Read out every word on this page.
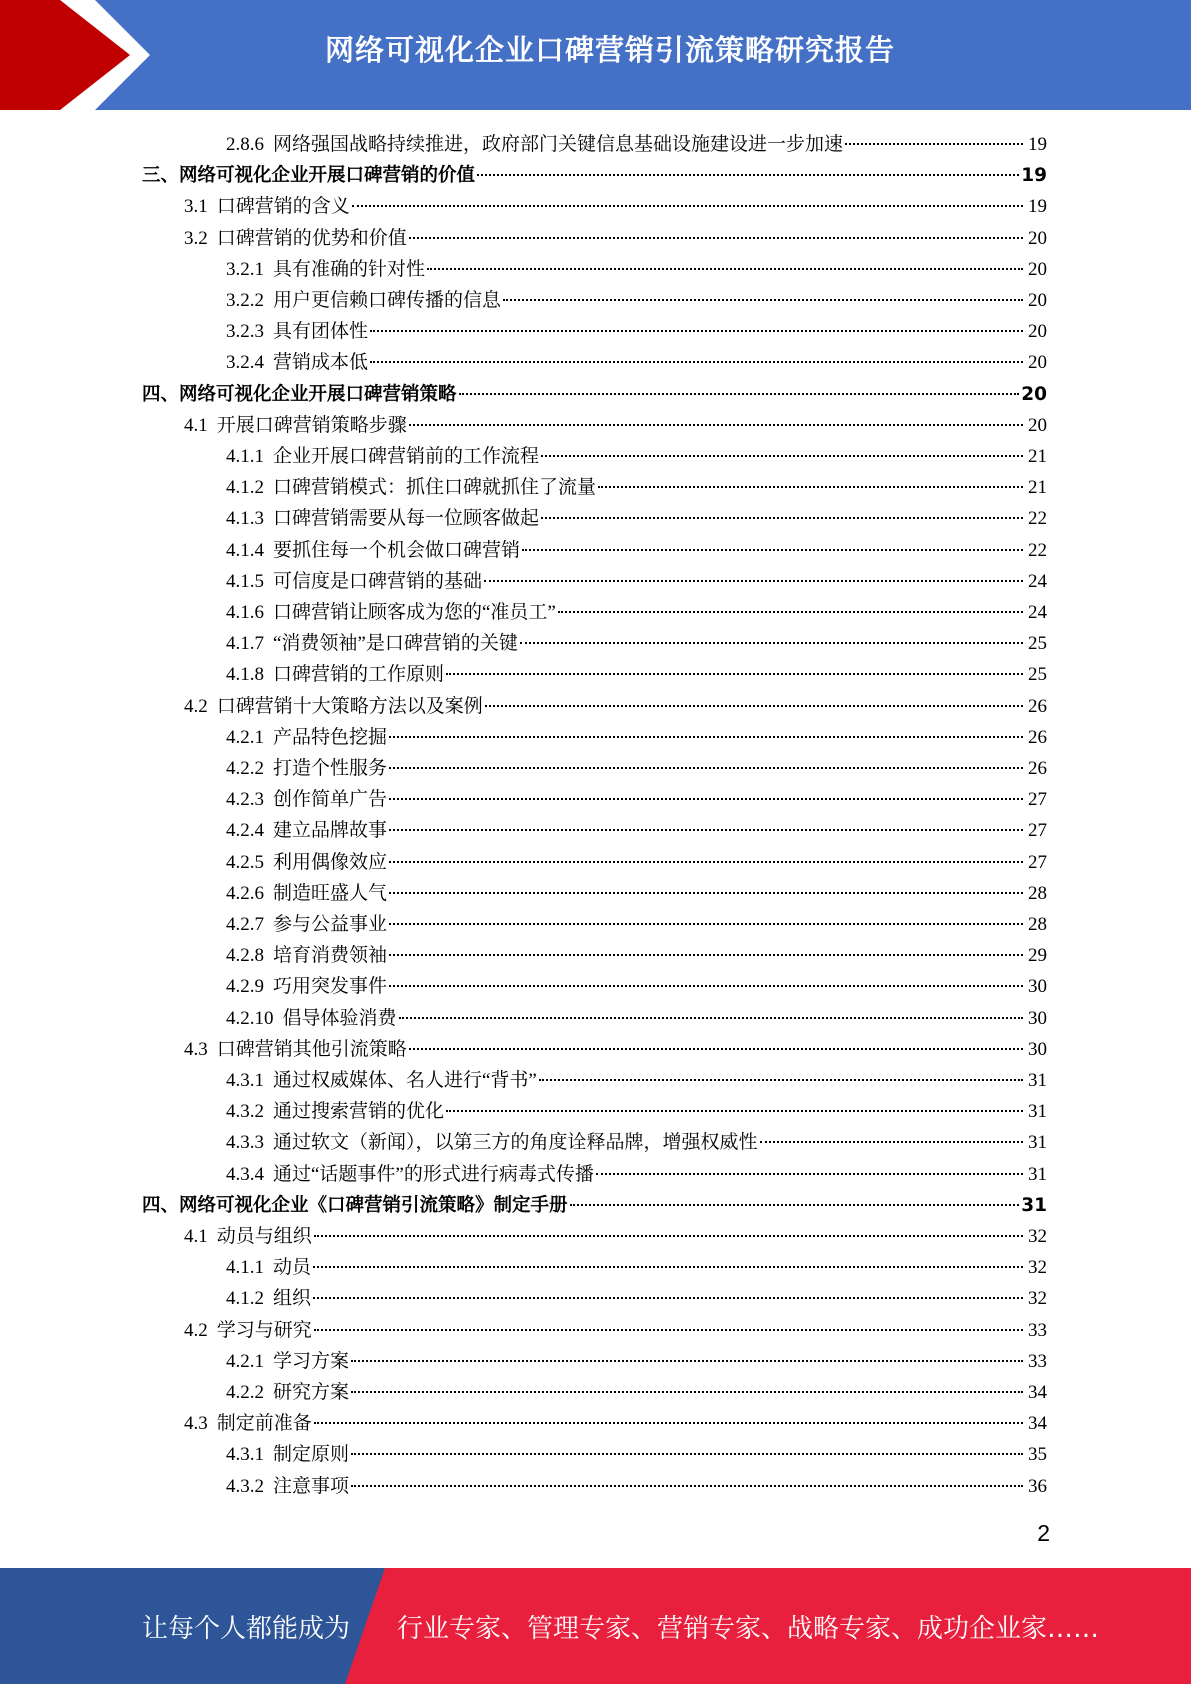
网络可视化企业口碑营销引流策略研究报告
2.8.6 网络强国战略持续推进，政府部门关键信息基础设施建设进一步加速	19
三、网络可视化企业开展口碑营销的价值	19
3.1 口碑营销的含义	19
3.2 口碑营销的优势和价值	20
3.2.1 具有准确的针对性	20
3.2.2 用户更信赖口碑传播的信息	20
3.2.3 具有团体性	20
3.2.4 营销成本低	20
四、网络可视化企业开展口碑营销策略	20
4.1 开展口碑营销策略步骤	20
4.1.1 企业开展口碑营销前的工作流程	21
4.1.2 口碑营销模式：抓住口碑就抓住了流量	21
4.1.3 口碑营销需要从每一位顾客做起	22
4.1.4 要抓住每一个机会做口碑营销	22
4.1.5 可信度是口碑营销的基础	24
4.1.6 口碑营销让顾客成为您的“准员工”	24
4.1.7 “消费领袖”是口碑营销的关键	25
4.1.8 口碑营销的工作原则	25
4.2 口碑营销十大策略方法以及案例	26
4.2.1 产品特色挖掘	26
4.2.2 打造个性服务	26
4.2.3 创作简单广告	27
4.2.4 建立品牌故事	27
4.2.5 利用偶像效应	27
4.2.6 制造旺盛人气	28
4.2.7 参与公益事业	28
4.2.8 培育消费领袖	29
4.2.9 巧用突发事件	30
4.2.10 倡导体验消费	30
4.3 口碑营销其他引流策略	30
4.3.1 通过权威媒体、名人进行“背书”	31
4.3.2 通过搜索营销的优化	31
4.3.3 通过软文（新闻），以第三方的角度诠释品牌，增强权威性	31
4.3.4 通过“话题事件”的形式进行病毒式传播	31
四、网络可视化企业《口碑营销引流策略》制定手册	31
4.1 动员与组织	32
4.1.1 动员	32
4.1.2 组织	32
4.2 学习与研究	33
4.2.1 学习方案	33
4.2.2 研究方案	34
4.3 制定前准备	34
4.3.1 制定原则	35
4.3.2 注意事项	36
2
让每个人都能成为 行业专家、管理专家、营销专家、战略专家、成功企业家……
